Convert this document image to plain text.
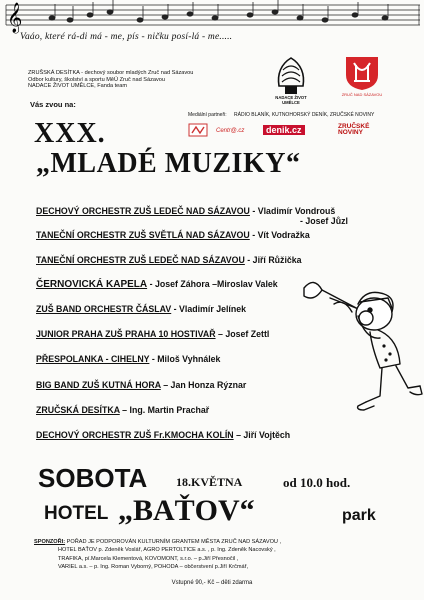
𝄞
Vaáo, které rá-di má - me, pís - ničku posí-lá - me.....
ZRUŠSKÁ DESÍTKA - dechový soubor mladých Zruč nad Sázavou
Odbor kultury, školství a sportu MěÚ Zruč nad Sázavou
NADACE ŽIVOT UMĚLCE, Fanda team
Vás zvou na:
NADACE ŽIVOT UMĚLCE
ZRUČ NAD SÁZAVOU
Mediální partneři: RÁDIO BLANÍK, KUTNOHORSKÝ DENÍK, ZRUČSKÉ NOVINY
Centr@.cz	denik.cz	ZRUČSKÉ NOVINY
XXX.
„MLADÉ MUZIKY“
DECHOVÝ ORCHESTR ZUŠ LEDEČ NAD SÁZAVOU - Vladimír Vondrouš
- Josef Jůzl
TANEČNÍ ORCHESTR ZUŠ SVĚTLÁ NAD SÁZAVOU - Vít Vodražka
TANEČNÍ ORCHESTR ZUŠ LEDEČ NAD SÁZAVOU - Jiří Růžička
ČERNOVICKÁ KAPELA - Josef Záhora –Miroslav Valek
ZUŠ BAND ORCHESTR ČÁSLAV - Vladimír Jelínek
JUNIOR PRAHA ZUŠ PRAHA 10 HOSTIVAŘ – Josef Zettl
PŘESPOLANKA - CIHELNY - Miloš Vyhnálek
BIG BAND ZUŠ KUTNÁ HORA – Jan Honza Rýznar
ZRUČSKÁ DESÍTKA – Ing. Martin Prachař
DECHOVÝ ORCHESTR ZUŠ Fr.KMOCHA KOLÍN – Jiří Vojtěch
SOBOTA 18.KVĚTNA	od 10.0 hod.
HOTEL „BAŤOV“	park
SPONZOŘI: POŘAD JE PODPOROVÁN KULTURNÍM GRANTEM MĚSTA ZRUČ NAD SÁZAVOU ,
HOTEL BAŤOV p. Zdeněk Voslář, AGRO PERTOLTICE a.s. , p. Ing. Zdeněk Nacovský ,
TRAFIKA, pí.Marcela Klementová, KOVOMONT, s.r.o. – p.Jiří Přesnočil ,
VARIEL a.s. – p. Ing. Roman Vyborný, POHODA – občerstvení p.Jiří Krčmář,
Vstupné 90,- Kč – děti zdarma
